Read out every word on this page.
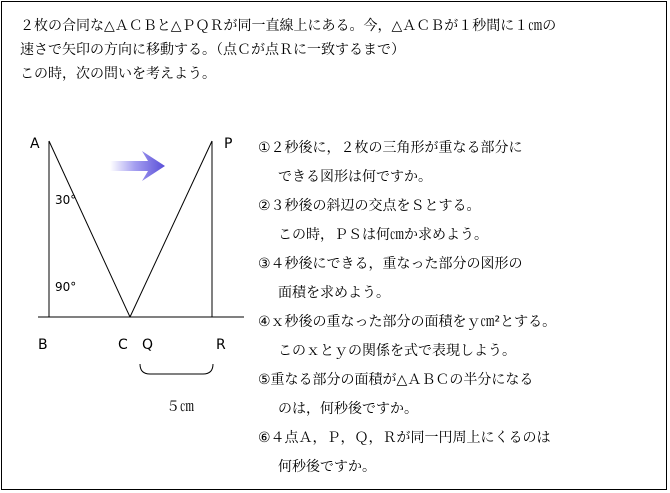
２枚の合同な△ＡＣＢと△ＰＱＲが同一直線上にある。今，△ＡＣＢが１秒間に１㎝の
速さで矢印の方向に移動する。（点Ｃが点Ｒに一致するまで）
この時，次の問いを考えよう。
A	P
30°
90°
B	C Q	R
５㎝
①２秒後に，２枚の三角形が重なる部分に
できる図形は何ですか。
②３秒後の斜辺の交点をＳとする。
この時，ＰＳは何㎝か求めよう。
③４秒後にできる，重なった部分の図形の
面積を求めよう。
④ｘ秒後の重なった部分の面積をｙ㎝²とする。
このｘとｙの関係を式で表現しよう。
⑤重なる部分の面積が△ＡＢＣの半分になる
のは，何秒後ですか。
⑥４点Ａ，Ｐ，Ｑ，Ｒが同一円周上にくるのは
何秒後ですか。
